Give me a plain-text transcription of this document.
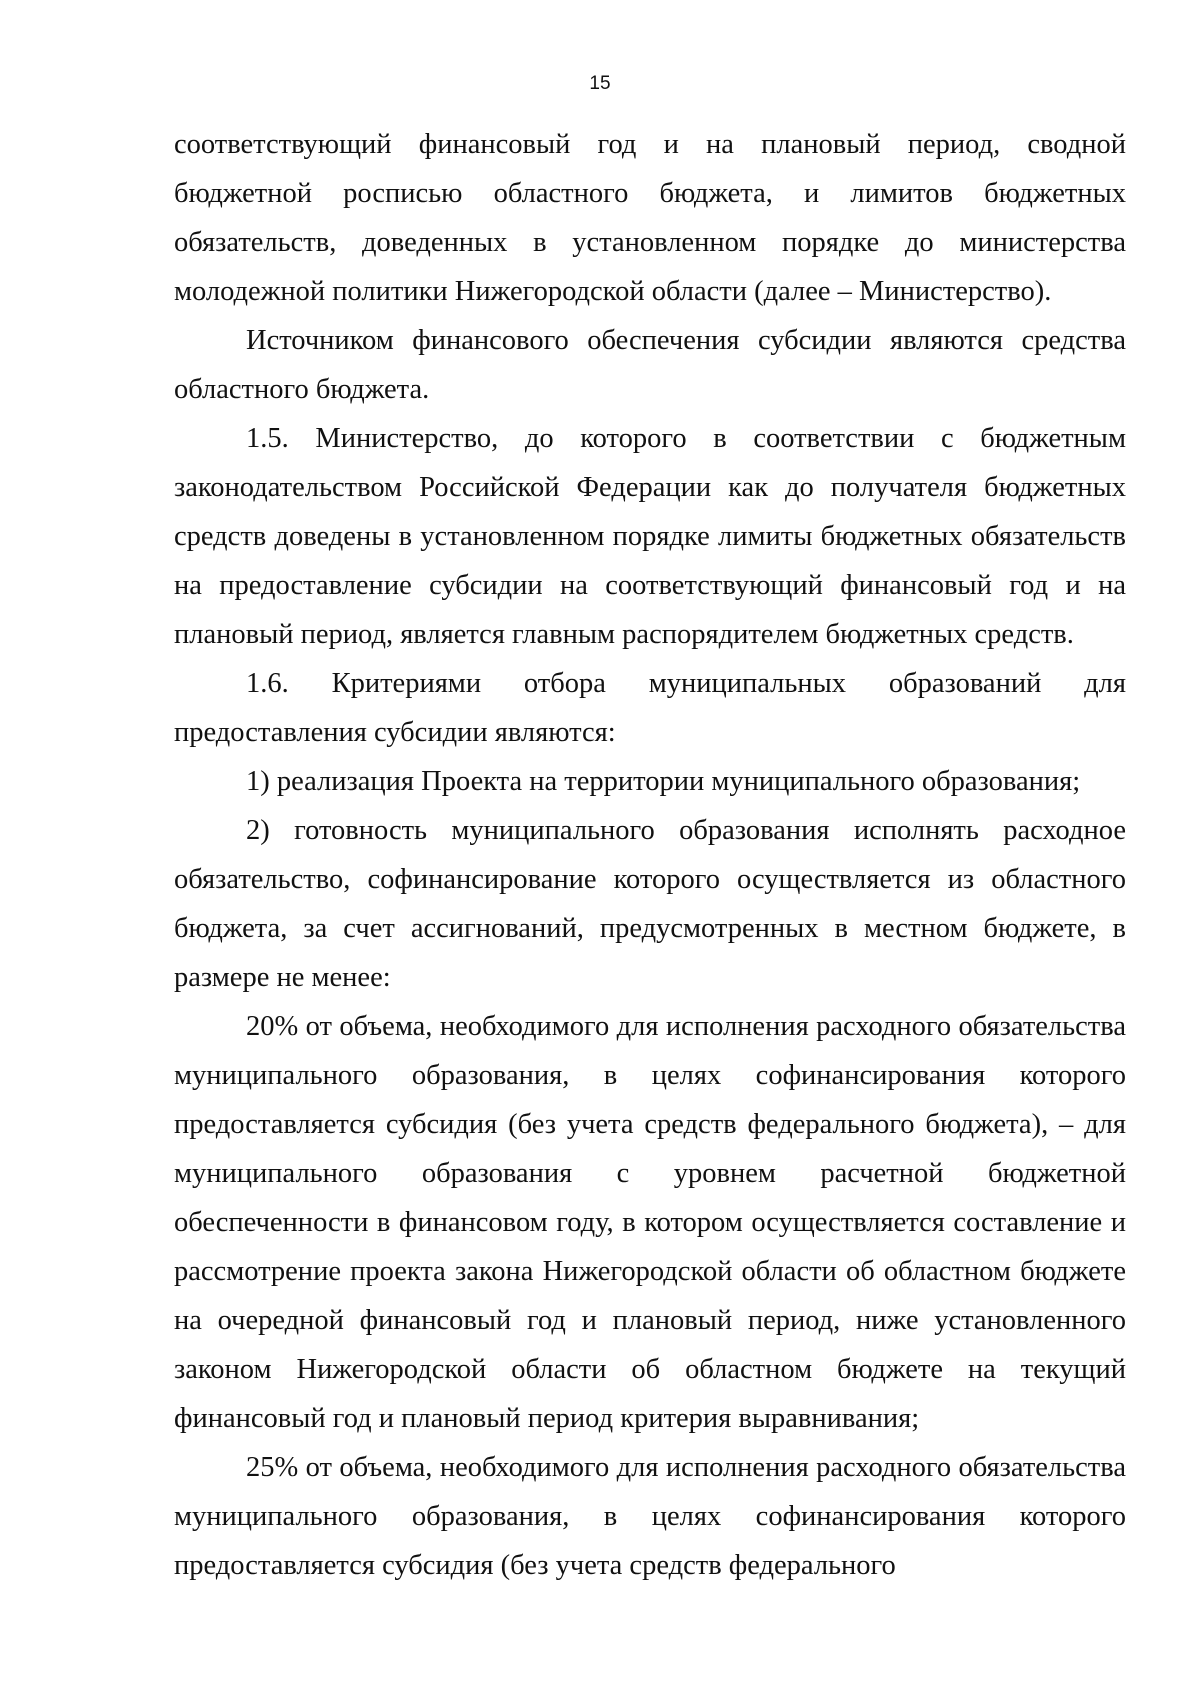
15

соответствующий финансовый год и на плановый период, сводной бюджетной росписью областного бюджета, и лимитов бюджетных обязательств, доведенных в установленном порядке до министерства молодежной политики Нижегородской области (далее – Министерство).

Источником финансового обеспечения субсидии являются средства областного бюджета.

1.5. Министерство, до которого в соответствии с бюджетным законодательством Российской Федерации как до получателя бюджетных средств доведены в установленном порядке лимиты бюджетных обязательств на предоставление субсидии на соответствующий финансовый год и на плановый период, является главным распорядителем бюджетных средств.

1.6. Критериями отбора муниципальных образований для предоставления субсидии являются:

1) реализация Проекта на территории муниципального образования;

2) готовность муниципального образования исполнять расходное обязательство, софинансирование которого осуществляется из областного бюджета, за счет ассигнований, предусмотренных в местном бюджете, в размере не менее:

20% от объема, необходимого для исполнения расходного обязательства муниципального образования, в целях софинансирования которого предоставляется субсидия (без учета средств федерального бюджета), – для муниципального образования с уровнем расчетной бюджетной обеспеченности в финансовом году, в котором осуществляется составление и рассмотрение проекта закона Нижегородской области об областном бюджете на очередной финансовый год и плановый период, ниже установленного законом Нижегородской области об областном бюджете на текущий финансовый год и плановый период критерия выравнивания;

25% от объема, необходимого для исполнения расходного обязательства муниципального образования, в целях софинансирования которого предоставляется субсидия (без учета средств федерального
